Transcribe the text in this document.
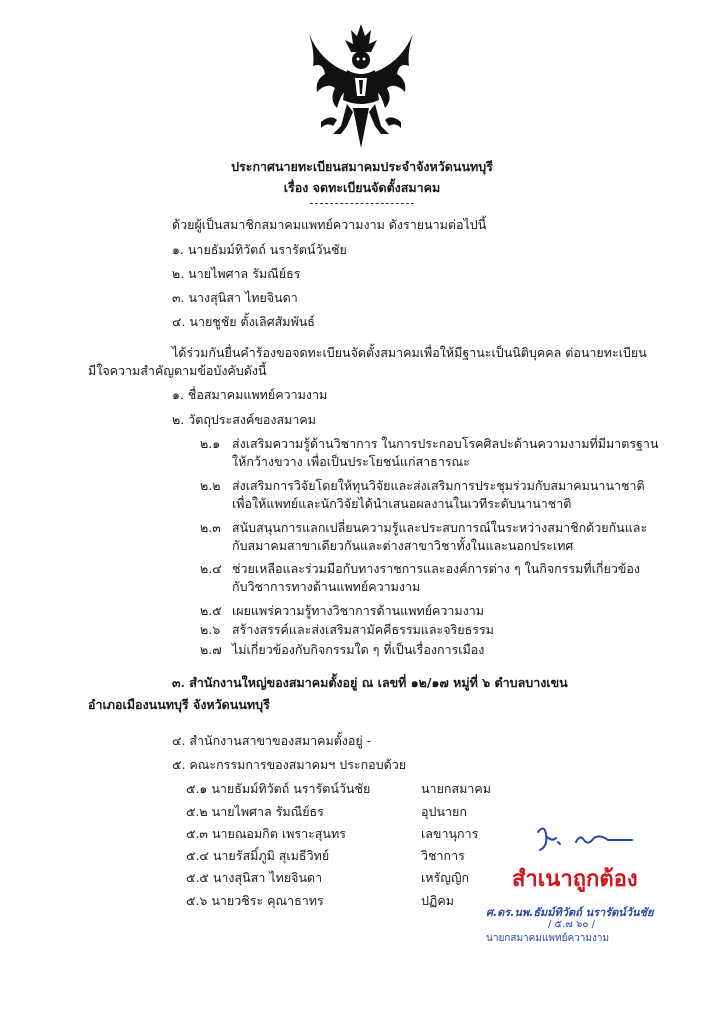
ประกาศนายทะเบียนสมาคมประจำจังหวัดนนทบุรี
เรื่อง จดทะเบียนจัดตั้งสมาคม
ด้วยผู้เป็นสมาชิกสมาคมแพทย์ความงาม ดังรายนามต่อไปนี้
๑. นายธัมม์ทิวัตถ์ นรารัตน์วันชัย
๒. นายไพศาล รัมณีย์ธร
๓. นางสุนิสา ไทยจินดา
๔. นายชูชัย ตั้งเลิศสัมพันธ์
ได้ร่วมกันยื่นคำร้องขอจดทะเบียนจัดตั้งสมาคมเพื่อให้มีฐานะเป็นนิติบุคคล ต่อนายทะเบียน
มีใจความสำคัญตามข้อบังคับดังนี้
๑. ชื่อสมาคมแพทย์ความงาม
๒. วัตถุประสงค์ของสมาคม
๒.๑ ส่งเสริมความรู้ด้านวิชาการ ในการประกอบโรคศิลปะด้านความงามที่มีมาตรฐาน
ให้กว้างขวาง เพื่อเป็นประโยชน์แก่สาธารณะ
๒.๒ ส่งเสริมการวิจัยโดยให้ทุนวิจัยและส่งเสริมการประชุมร่วมกับสมาคมนานาชาติ
เพื่อให้แพทย์และนักวิจัยได้นำเสนอผลงานในเวทีระดับนานาชาติ
๒.๓ สนับสนุนการแลกเปลี่ยนความรู้และประสบการณ์ในระหว่างสมาชิกด้วยกันและ
กับสมาคมสาขาเดียวกันและต่างสาขาวิชาทั้งในและนอกประเทศ
๒.๔ ช่วยเหลือและร่วมมือกับทางราชการและองค์การต่าง ๆ ในกิจกรรมที่เกี่ยวข้อง
กับวิชาการทางด้านแพทย์ความงาม
๒.๕ เผยแพร่ความรู้ทางวิชาการด้านแพทย์ความงาม
๒.๖ สร้างสรรค์และส่งเสริมสามัคคีธรรมและจริยธรรม
๒.๗ ไม่เกี่ยวข้องกับกิจกรรมใด ๆ ที่เป็นเรื่องการเมือง
๓. สำนักงานใหญ่ของสมาคมตั้งอยู่ ณ เลขที่ ๑๒/๑๗ หมู่ที่ ๖ ตำบลบางเขน
อำเภอเมืองนนทบุรี จังหวัดนนทบุรี
๔. สำนักงานสาขาของสมาคมตั้งอยู่ -
๕. คณะกรรมการของสมาคมฯ ประกอบด้วย
๕.๑ นายธัมม์ทิวัตถ์ นรารัตน์วันชัย	นายกสมาคม
๕.๒ นายไพศาล รัมณีย์ธร	อุปนายก
๕.๓ นายณอมกิต เพราะสุนทร	เลขานุการ
๕.๔ นายรัสมิ์ภูมิ สุเมธีวิทย์	วิชาการ
๕.๕ นางสุนิสา ไทยจินดา	เหรัญญิก
๕.๖ นายวชิระ คุณาธาทร	ปฏิคม
สำเนาถูกต้อง
ศ.ดร.นพ.ธัมม์ทิวัตถ์ นรารัตน์วันชัย
/ ๕.๗ ๖๐ /
นายกสมาคมแพทย์ความงาม
